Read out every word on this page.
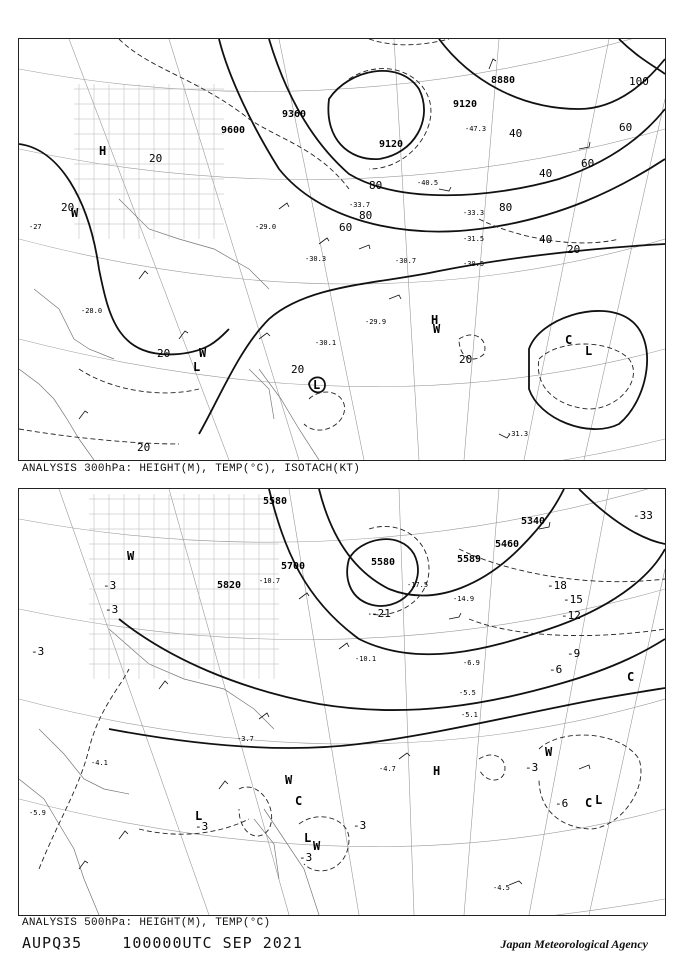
9600
9360
9120
9120
8880
20
40
60
80
100
40
60
80
80
60
40
20
20
20
20
20
20
H
H
L
L
L
C
W
W
W
-30.1
-29.9
-31.3
-33.3
-30.5
-31.5
-33.7
-30.7
-40.5
-47.3
-29.0
-30.3
-28.0
-27
ANALYSIS 300hPa: HEIGHT(M), TEMP(°C), ISOTACH(KT)
5580
5820
5700	5580	5589
5340
5460
-3
-3
-3
-3
-3
-3
-6
-6
-9
-12
-15
-18
-21
-33
-3
H
L
L
L
C
C
C
W
W
W
W
-4.1
-4.5
-5.1
-4.7
-5.5
-14.9
-17.5
-10.1	-6.9
-3.7
-5.9
-10.7
ANALYSIS 500hPa: HEIGHT(M), TEMP(°C)
AUPQ35    100000UTC SEP 2021	Japan Meteorological Agency
